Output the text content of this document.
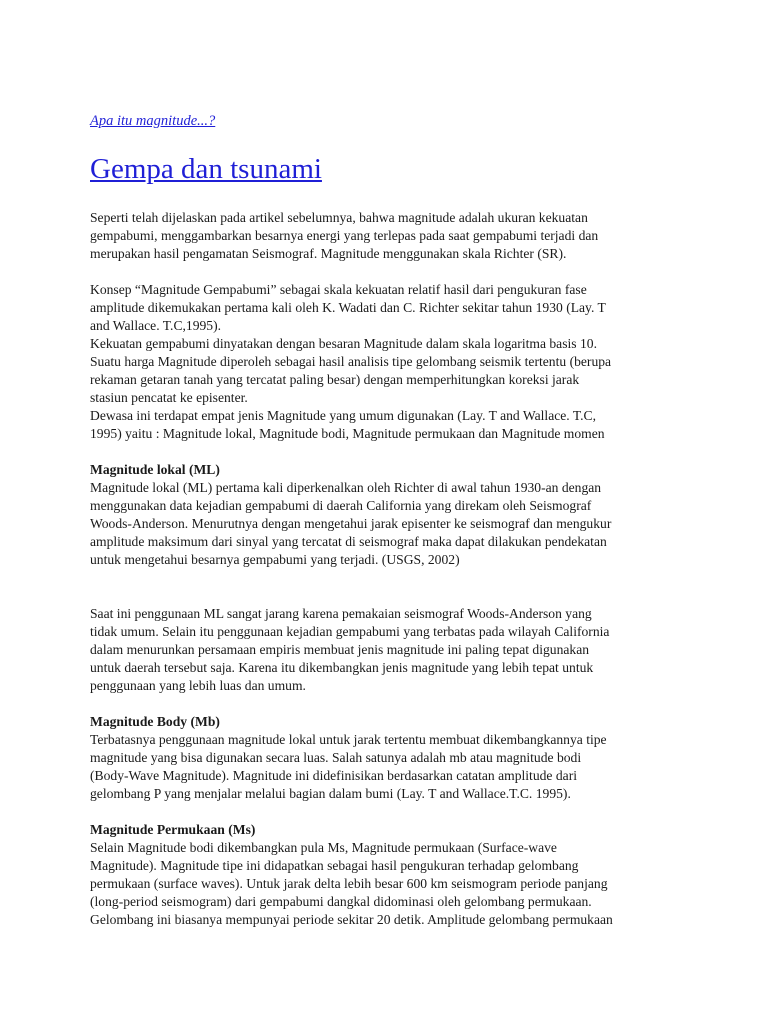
Apa itu magnitude...?
Gempa dan tsunami

Seperti telah dijelaskan pada artikel sebelumnya, bahwa magnitude adalah ukuran kekuatan
gempabumi, menggambarkan besarnya energi yang terlepas pada saat gempabumi terjadi dan
merupakan hasil pengamatan Seismograf. Magnitude menggunakan skala Richter (SR).

Konsep “Magnitude Gempabumi” sebagai skala kekuatan relatif hasil dari pengukuran fase
amplitude dikemukakan pertama kali oleh K. Wadati dan C. Richter sekitar tahun 1930 (Lay. T
and Wallace. T.C,1995).
Kekuatan gempabumi dinyatakan dengan besaran Magnitude dalam skala logaritma basis 10.
Suatu harga Magnitude diperoleh sebagai hasil analisis tipe gelombang seismik tertentu (berupa
rekaman getaran tanah yang tercatat paling besar) dengan memperhitungkan koreksi jarak
stasiun pencatat ke episenter.
Dewasa ini terdapat empat jenis Magnitude yang umum digunakan (Lay. T and Wallace. T.C,
1995) yaitu : Magnitude lokal, Magnitude bodi, Magnitude permukaan dan Magnitude momen

Magnitude lokal (ML)

Magnitude lokal (ML) pertama kali diperkenalkan oleh Richter di awal tahun 1930-an dengan
menggunakan data kejadian gempabumi di daerah California yang direkam oleh Seismograf
Woods-Anderson. Menurutnya dengan mengetahui jarak episenter ke seismograf dan mengukur
amplitude maksimum dari sinyal yang tercatat di seismograf maka dapat dilakukan pendekatan
untuk mengetahui besarnya gempabumi yang terjadi. (USGS, 2002)

Saat ini penggunaan ML sangat jarang karena pemakaian seismograf Woods-Anderson yang
tidak umum. Selain itu penggunaan kejadian gempabumi yang terbatas pada wilayah California
dalam menurunkan persamaan empiris membuat jenis magnitude ini paling tepat digunakan
untuk daerah tersebut saja. Karena itu dikembangkan jenis magnitude yang lebih tepat untuk
penggunaan yang lebih luas dan umum.

Magnitude Body (Mb)

Terbatasnya penggunaan magnitude lokal untuk jarak tertentu membuat dikembangkannya tipe
magnitude yang bisa digunakan secara luas. Salah satunya adalah mb atau magnitude bodi
(Body-Wave Magnitude). Magnitude ini didefinisikan berdasarkan catatan amplitude dari
gelombang P yang menjalar melalui bagian dalam bumi (Lay. T and Wallace.T.C. 1995).

Magnitude Permukaan (Ms)

Selain Magnitude bodi dikembangkan pula Ms, Magnitude permukaan (Surface-wave
Magnitude). Magnitude tipe ini didapatkan sebagai hasil pengukuran terhadap gelombang
permukaan (surface waves). Untuk jarak delta lebih besar 600 km seismogram periode panjang
(long-period seismogram) dari gempabumi dangkal didominasi oleh gelombang permukaan.
Gelombang ini biasanya mempunyai periode sekitar 20 detik. Amplitude gelombang permukaan
